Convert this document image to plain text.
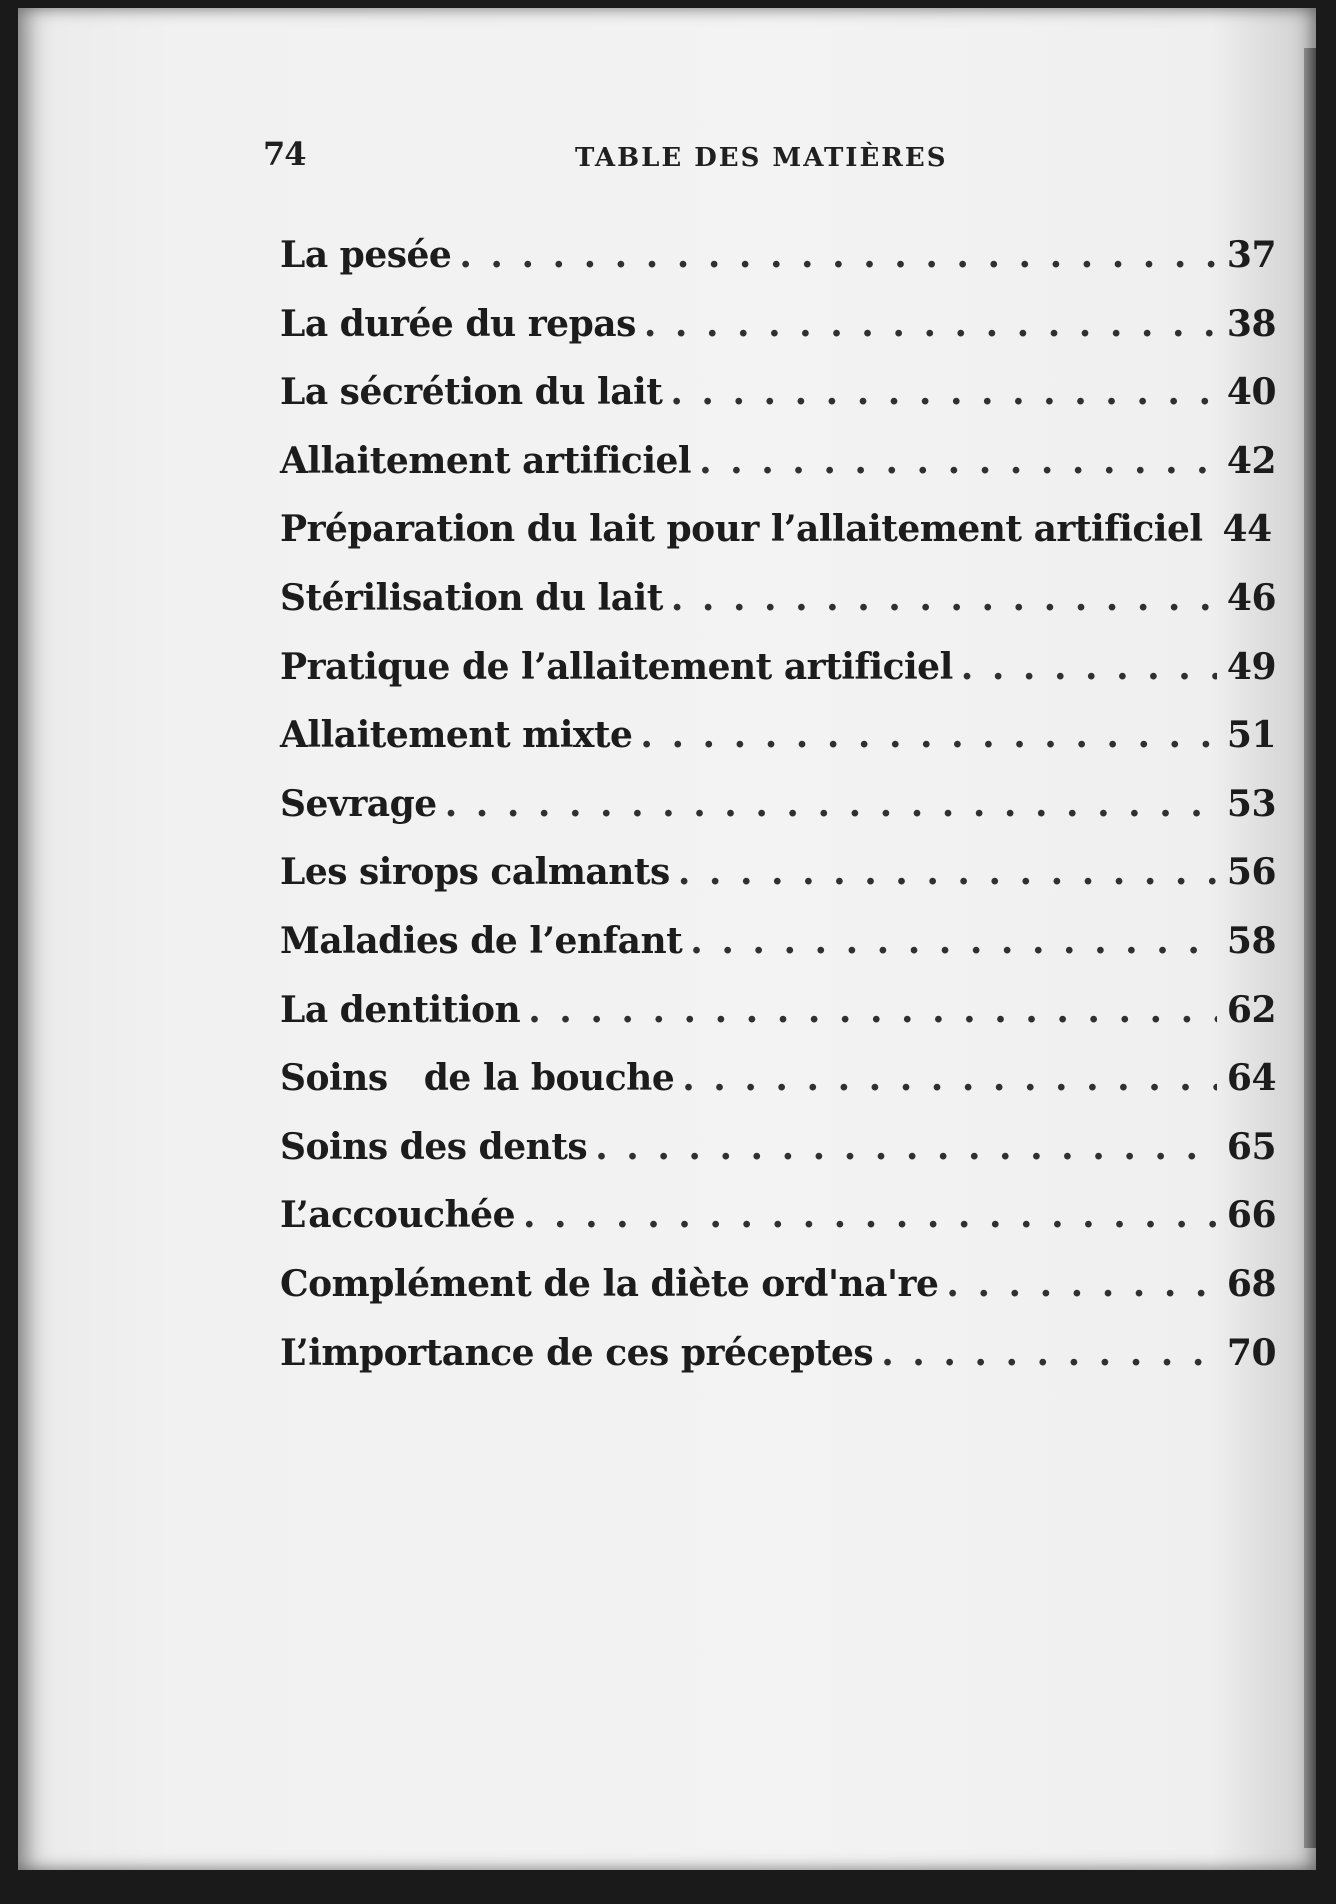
74	TABLE DES MATIÈRES
La pesée . . .	37
La durée du repas . . .	38
La sécrétion du lait . . .	40
Allaitement artificiel . . .	42
Préparation du lait pour l’allaitement artificiel 44
Stérilisation du lait . . .	46
Pratique de l’allaitement artificiel . . .	49
Allaitement mixte . . .	51
Sevrage . . .	53
Les sirops calmants . . .	56
Maladies de l’enfant . . .	58
La dentition . . .	62
Soins   de la bouche . . .	64
Soins des dents . . .	65
L’accouchée . . .	66
Complément de la diète ord'na're . . .	68
L’importance de ces préceptes . . .	70
